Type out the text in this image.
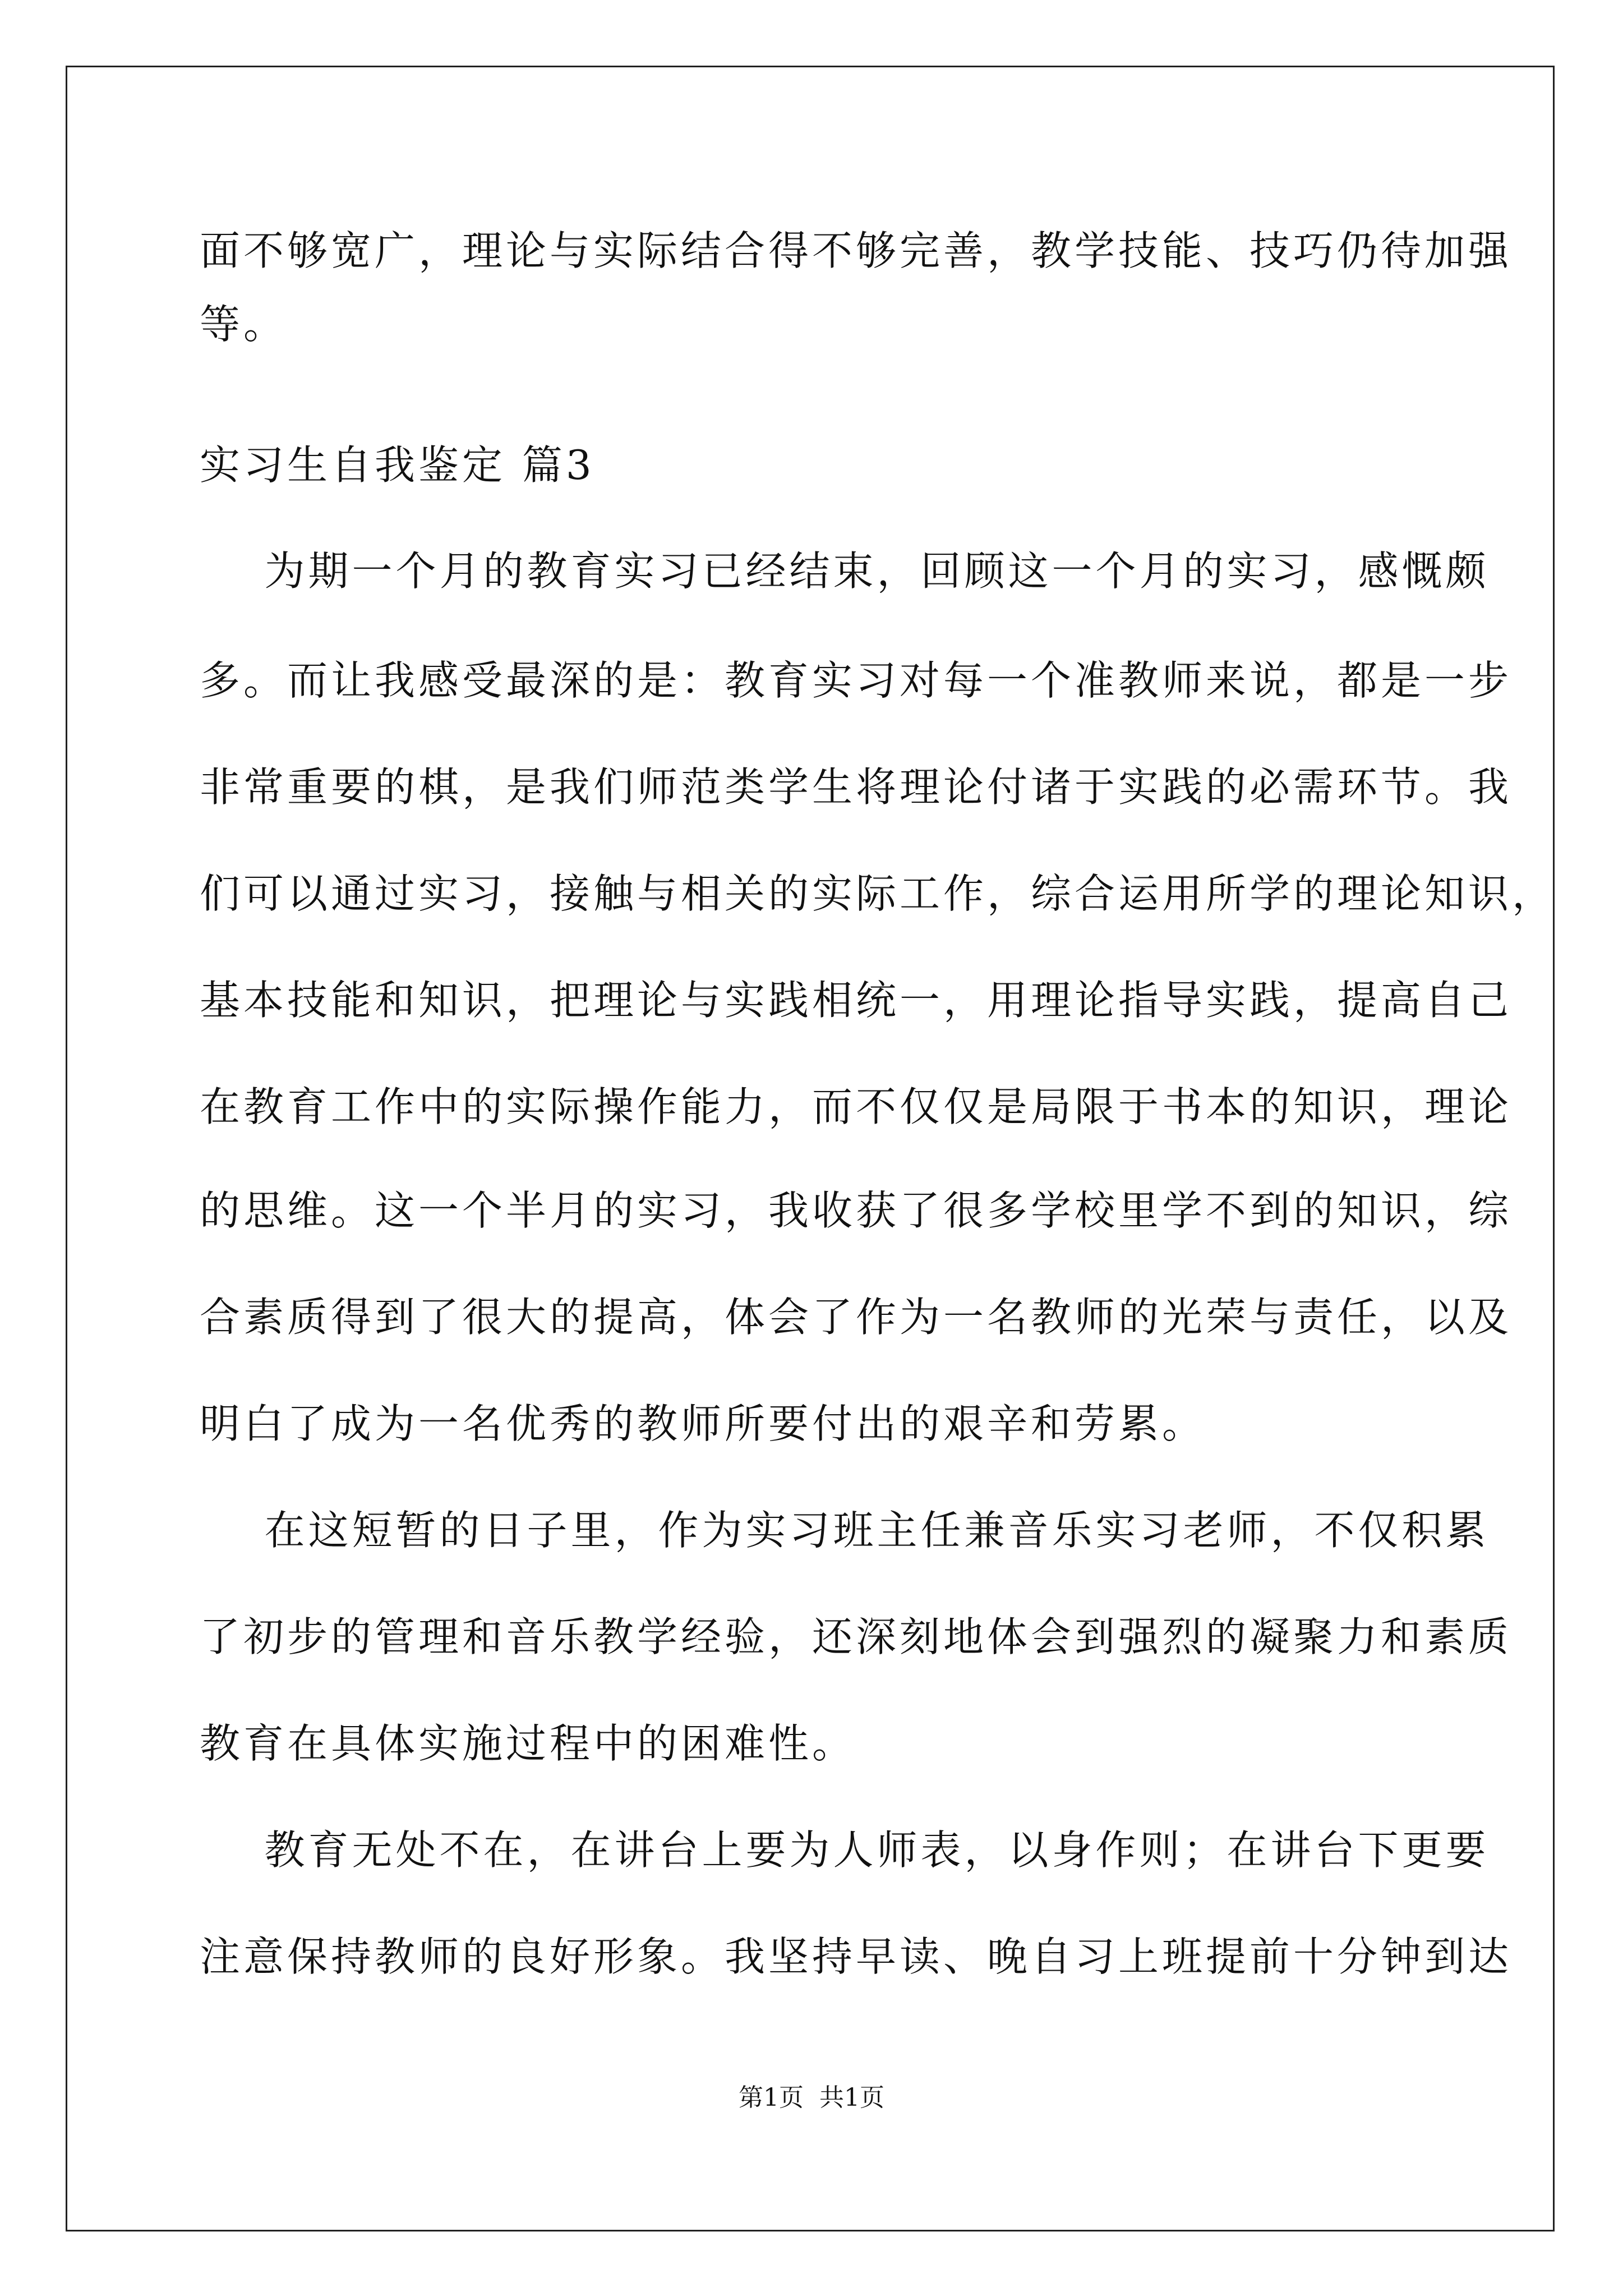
面不够宽广，理论与实际结合得不够完善，教学技能、技巧仍待加强
等。
实习生自我鉴定 篇3
为期一个月的教育实习已经结束，回顾这一个月的实习，感慨颇
多。而让我感受最深的是：教育实习对每一个准教师来说，都是一步
非常重要的棋，是我们师范类学生将理论付诸于实践的必需环节。我
们可以通过实习，接触与相关的实际工作，综合运用所学的理论知识，
基本技能和知识，把理论与实践相统一，用理论指导实践，提高自己
在教育工作中的实际操作能力，而不仅仅是局限于书本的知识，理论
的思维。这一个半月的实习，我收获了很多学校里学不到的知识，综
合素质得到了很大的提高，体会了作为一名教师的光荣与责任，以及
明白了成为一名优秀的教师所要付出的艰辛和劳累。
在这短暂的日子里，作为实习班主任兼音乐实习老师，不仅积累
了初步的管理和音乐教学经验，还深刻地体会到强烈的凝聚力和素质
教育在具体实施过程中的困难性。
教育无处不在，在讲台上要为人师表，以身作则；在讲台下更要
注意保持教师的良好形象。我坚持早读、晚自习上班提前十分钟到达
第1页  共1页
